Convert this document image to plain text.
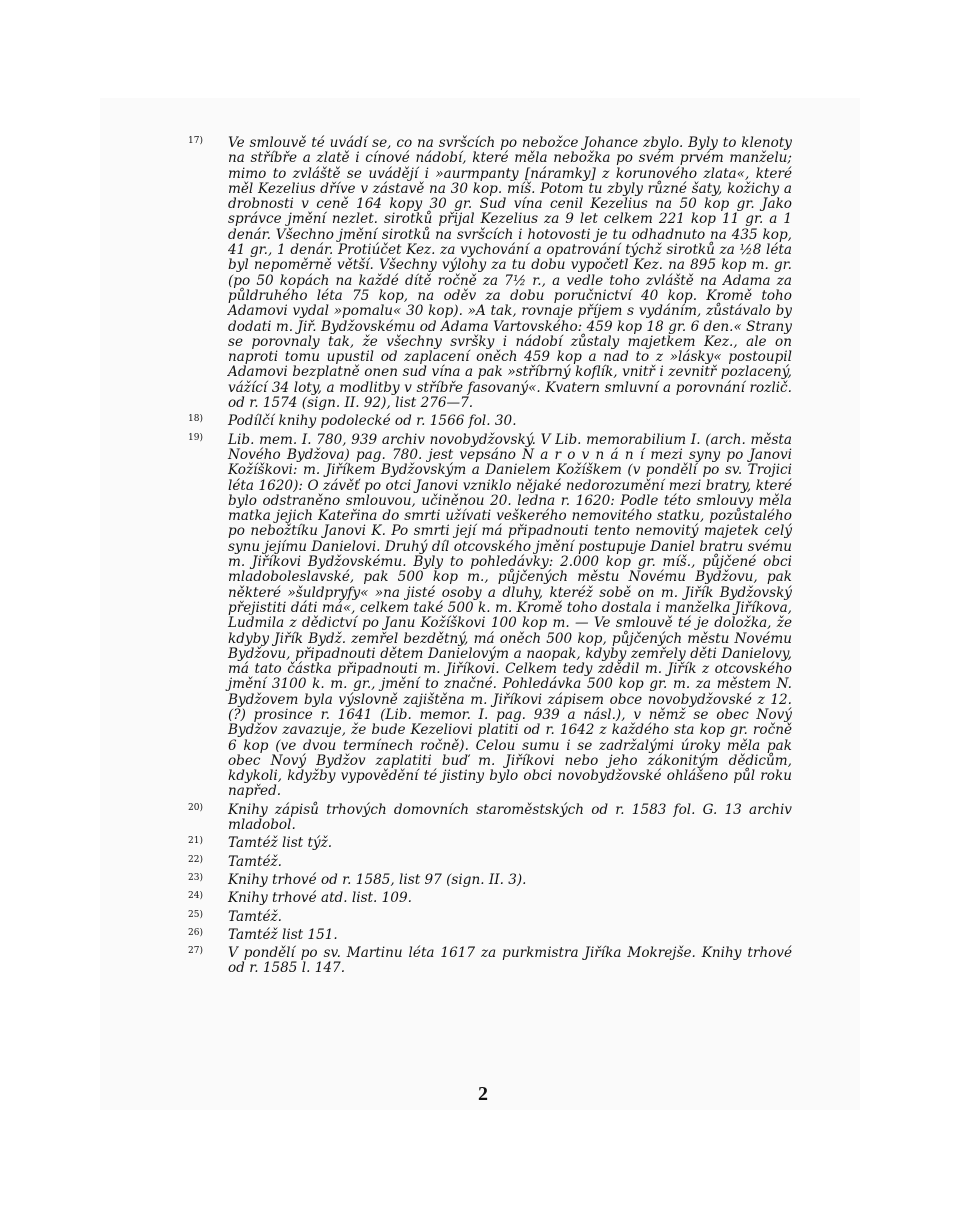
17) Ve smlouvě té uvádí se, co na svršcích po nebožce Johance zbylo. Byly to klenoty na stříbře a zlatě i cínové nádobí, které měla nebožka po svém prvém manželu; mimo to zvláště se uvádějí i »aurmpanty [náramky] z korunového zlata«, které měl Kezelius dříve v zástavě na 30 kop. míš. Potom tu zbyly různé šaty, kožichy a drobnosti v ceně 164 kopy 30 gr. Sud vína cenil Kezelius na 50 kop gr. Jako správce jmění nezlet. sirotků přijal Kezelius za 9 let celkem 221 kop 11 gr. a 1 denár. Všechno jmění sirotků na svršcích i hotovosti je tu odhadnuto na 435 kop, 41 gr., 1 denár. Protiúčet Kez. za vychování a opatrování týchž sirotků za ½8 léta byl nepoměrně větší. Všechny výlohy za tu dobu vypočetl Kez. na 895 kop m. gr. (po 50 kopách na každé dítě ročně za 7½ r., a vedle toho zvláště na Adama za půldruhého léta 75 kop, na oděv za dobu poručnictví 40 kop. Kromě toho Adamovi vydal »pomalu« 30 kop). »A tak, rovnaje příjem s vydáním, zůstávalo by dodati m. Jiř. Bydžovskému od Adama Vartovského: 459 kop 18 gr. 6 den.« Strany se porovnaly tak, že všechny svršky i nádobí zůstaly majetkem Kez., ale on naproti tomu upustil od zaplacení oněch 459 kop a nad to z »lásky« postoupil Adamovi bezplatně onen sud vína a pak »stříbrný koflík, vnitř i zevnitř pozlacený, vážící 34 loty, a modlitby v stříbře fasovaný«. Kvatern smluvní a porovnání rozlič. od r. 1574 (sign. II. 92), list 276—7.

18) Podílčí knihy podolecké od r. 1566 fol. 30.

19) Lib. mem. I. 780, 939 archiv novobydžovský. V Lib. memorabilium I. (arch. města Nového Bydžova) pag. 780. jest vepsáno N a r o v n á n í mezi syny po Janovi Kožíškovi: m. Jiříkem Bydžovským a Danielem Kožíškem (v pondělí po sv. Trojici léta 1620): O závěť po otci Janovi vzniklo nějaké nedorozumění mezi bratry, které bylo odstraněno smlouvou, učiněnou 20. ledna r. 1620: Podle této smlouvy měla matka jejich Kateřina do smrti užívati veškerého nemovitého statku, pozůstalého po nebožtíku Janovi K. Po smrti její má připadnouti tento nemovitý majetek celý synu jejímu Danielovi. Druhý díl otcovského jmění postupuje Daniel bratru svému m. Jiříkovi Bydžovskému. Byly to pohledávky: 2.000 kop gr. míš., půjčené obci mladoboleslavské, pak 500 kop m., půjčených městu Novému Bydžovu, pak některé »šuldpryfy« »na jisté osoby a dluhy, kteréž sobě on m. Jiřík Bydžovský přejistiti dáti má«, celkem také 500 k. m. Kromě toho dostala i manželka Jiříkova, Ludmila z dědictví po Janu Kožíškovi 100 kop m. — Ve smlouvě té je doložka, že kdyby Jiřík Bydž. zemřel bezdětný, má oněch 500 kop, půjčených městu Novému Bydžovu, připadnouti dětem Danielovým a naopak, kdyby zemřely děti Danielovy, má tato částka připadnouti m. Jiříkovi. Celkem tedy zdědil m. Jiřík z otcovského jmění 3100 k. m. gr., jmění to značné. Pohledávka 500 kop gr. m. za městem N. Bydžovem byla výslovně zajištěna m. Jiříkovi zápisem obce novobydžovské z 12.(?) prosince r. 1641 (Lib. memor. I. pag. 939 a násl.), v němž se obec Nový Bydžov zavazuje, že bude Kezeliovi platiti od r. 1642 z každého sta kop gr. ročně 6 kop (ve dvou termínech ročně). Celou sumu i se zadržalými úroky měla pak obec Nový Bydžov zaplatiti buď m. Jiříkovi nebo jeho zákonitým dědicům, kdykoli, kdyžby vypovědění té jistiny bylo obci novobydžovské ohlášeno půl roku napřed.

20) Knihy zápisů trhových domovních staroměstských od r. 1583 fol. G. 13 archiv mladobol.

21) Tamtéž list týž.

22) Tamtéž.

23) Knihy trhové od r. 1585, list 97 (sign. II. 3).

24) Knihy trhové atd. list. 109.

25) Tamtéž.

26) Tamtéž list 151.

27) V pondělí po sv. Martinu léta 1617 za purkmistra Jiříka Mokrejše. Knihy trhové od r. 1585 l. 147.

2
